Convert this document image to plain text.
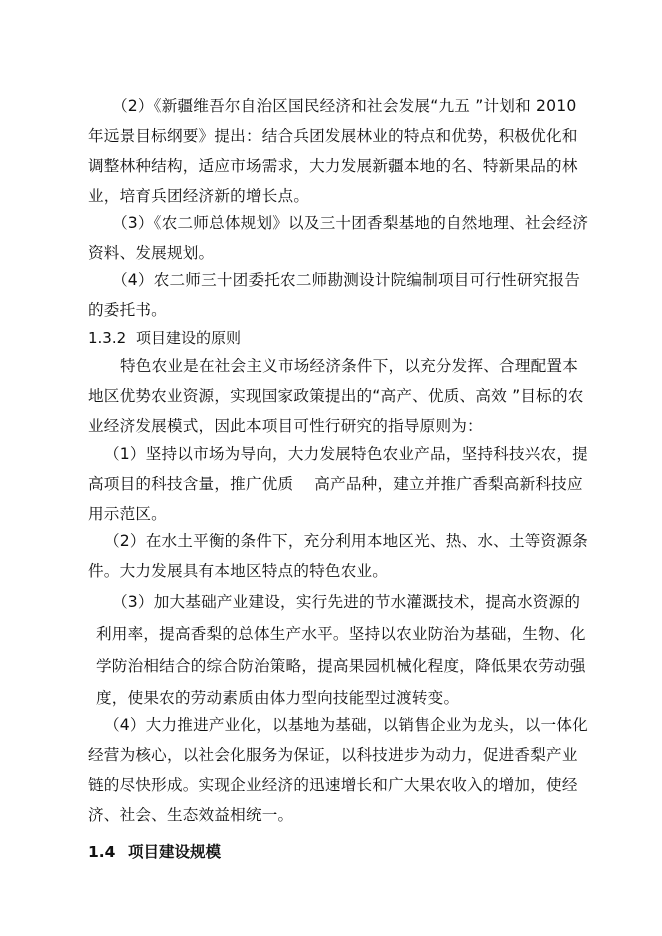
（2）《新疆维吾尔自治区国民经济和社会发展“九五 ”计划和 2010年远景目标纲要》提出：结合兵团发展林业的特点和优势，积极优化和调整林种结构，适应市场需求，大力发展新疆本地的名、特新果品的林业，培育兵团经济新的增长点。

（3）《农二师总体规划》以及三十团香梨基地的自然地理、社会经济资料、发展规划。

（4）农二师三十团委托农二师勘测设计院编制项目可行性研究报告的委托书。

1.3.2 项目建设的原则

特色农业是在社会主义市场经济条件下，以充分发挥、合理配置本地区优势农业资源，实现国家政策提出的“高产、优质、高效 ”目标的农业经济发展模式，因此本项目可性行研究的指导原则为：

（1）坚持以市场为导向，大力发展特色农业产品，坚持科技兴农，提高项目的科技含量，推广优质　 高产品种，建立并推广香梨高新科技应用示范区。

（2）在水土平衡的条件下，充分利用本地区光、热、水、土等资源条件。大力发展具有本地区特点的特色农业。

（3）加大基础产业建设，实行先进的节水灌溉技术，提高水资源的利用率，提高香梨的总体生产水平。坚持以农业防治为基础，生物、化学防治相结合的综合防治策略，提高果园机械化程度，降低果农劳动强度，使果农的劳动素质由体力型向技能型过渡转变。

（4）大力推进产业化，以基地为基础，以销售企业为龙头，以一体化经营为核心，以社会化服务为保证，以科技进步为动力，促进香梨产业链的尽快形成。实现企业经济的迅速增长和广大果农收入的增加，使经济、社会、生态效益相统一。

1.4 项目建设规模
